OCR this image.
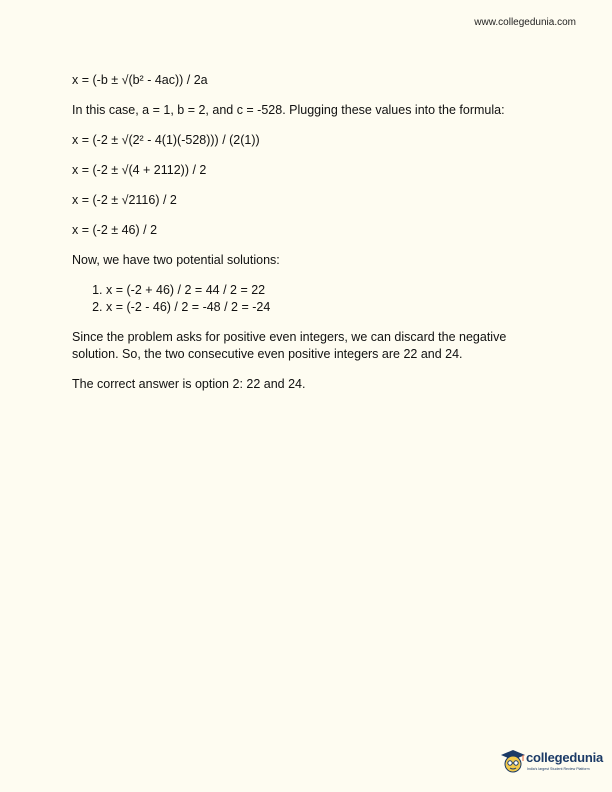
www.collegedunia.com

x = (-b ± √(b² - 4ac)) / 2a

In this case, a = 1, b = 2, and c = -528. Plugging these values into the formula:

x = (-2 ± √(2² - 4(1)(-528))) / (2(1))

x = (-2 ± √(4 + 2112)) / 2

x = (-2 ± √2116) / 2

x = (-2 ± 46) / 2

Now, we have two potential solutions:

1. x = (-2 + 46) / 2 = 44 / 2 = 22
2. x = (-2 - 46) / 2 = -48 / 2 = -24

Since the problem asks for positive even integers, we can discard the negative solution. So, the two consecutive even positive integers are 22 and 24.

The correct answer is option 2: 22 and 24.

collegedunia
India's largest Student Review Platform
